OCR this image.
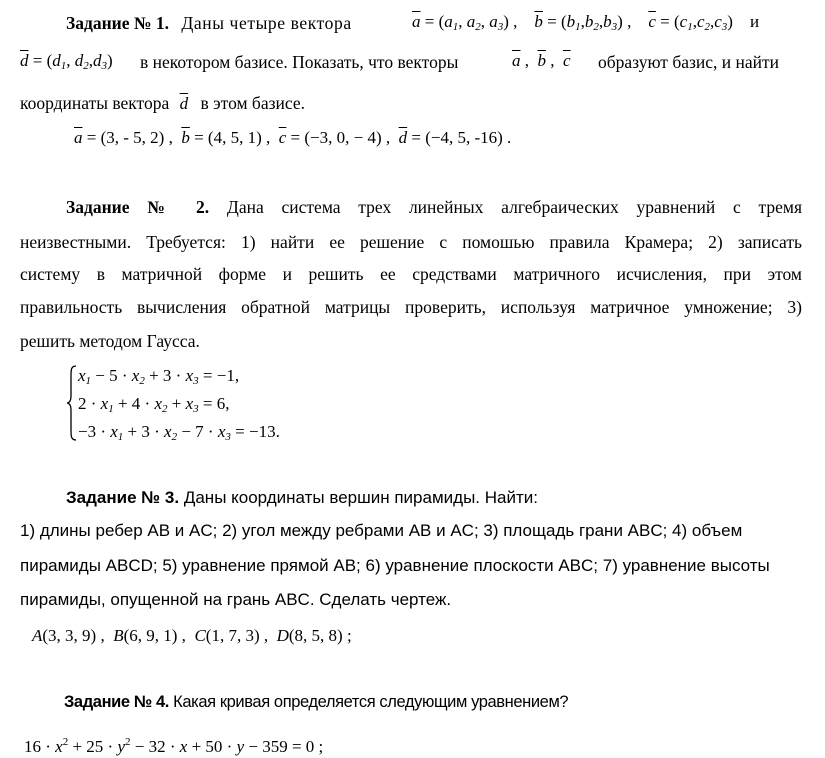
Задание № 1. Даны четыре вектора	$\overline{a} = (a_1$, $a_2$, $a_3$) ,    $\overline{b} = (b_1,b_2,b_3)$ ,    $\overline{c} = (c_1,c_2,c_3)$    и
$\overline{d} = (d_1$, $d_2,d_3$) в некотором базисе. Показать, что векторы	$\overline{a}$ ,  $\overline{b}$ ,  $\overline{c}$ образуют базис, и найти
координаты вектора $\overline{d}$ в этом базисе.
$\overline{a} = (3$, - 5, 2) ,  $\overline{b} = (4$, 5, 1) ,  $\overline{c} = (-3$, 0, − 4) ,  $\overline{d} = (-4$, 5, -16) .
Задание № 2. Дана система трех линейных алгебраических уравнений с тремя
неизвестными. Требуется: 1) найти ее решение с помошью правила Крамера; 2) записать
систему в матричной форме и решить ее средствами матричного исчисления, при этом
правильность вычисления обратной матрицы проверить, используя матричное умножение; 3)
решить методом Гаусса.
$x_1 - 5 \cdot x_2 + 3 \cdot x_3 = -1$,
$2 \cdot x_1 + 4 \cdot x_2 + x_3 = 6$,
$-3 \cdot x_1 + 3 \cdot x_2 - 7 \cdot x_3 = -13$.
Задание № 3. Даны координаты вершин пирамиды. Найти:
1) длины ребер AB и AC; 2) угол между ребрами AB и AC; 3) площадь грани ABC; 4) объем
пирамиды ABCD; 5) уравнение прямой AB; 6) уравнение плоскости ABC; 7) уравнение высоты
пирамиды, опущенной на грань ABC. Сделать чертеж.
A(3, 3, 9) ,  B(6, 9, 1) ,  C(1, 7, 3) ,  D(8, 5, 8) ;
Задание № 4. Какая кривая определяется следующим уравнением?
$16 \cdot x^2 + 25 \cdot y^2 - 32 \cdot x + 50 \cdot y - 359 = 0$ ;
